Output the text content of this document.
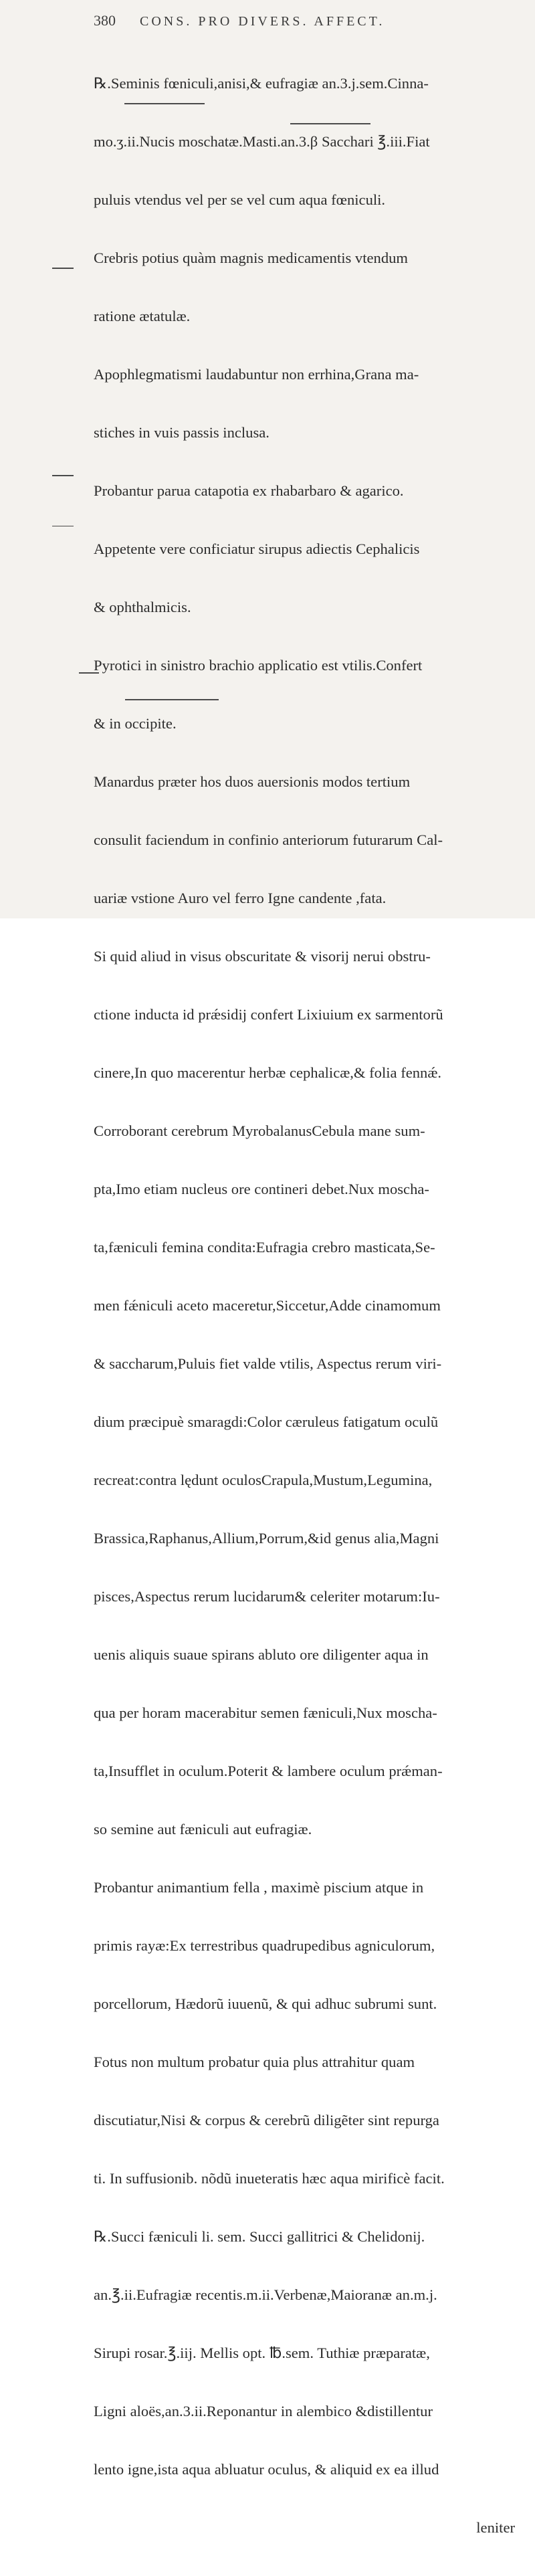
380 CONS. PRO DIVERS. AFFECT.

℞.Seminis fœniculi,anisi,& eufragiæ an.3.j.sem.Cinna-

mo.ʒ.ii.Nucis moschatæ.Masti.an.3.β Sacchari ℥.iii.Fiat

puluis vtendus vel per se vel cum aqua fœniculi.

Crebris potius quàm magnis medicamentis vtendum

ratione ætatulæ.

Apophlegmatismi laudabuntur non errhina,Grana ma-

stiches in vuis passis inclusa.

Probantur parua catapotia ex rhabarbaro & agarico.

Appetente vere conficiatur sirupus adiectis Cephalicis

& ophthalmicis.

Pyrotici in sinistro brachio applicatio est vtilis.Confert

& in occipite.

Manardus præter hos duos auersionis modos tertium

consulit faciendum in confinio anteriorum futurarum Cal-

uariæ vstione Auro vel ferro Igne candente ,fata.

Si quid aliud in visus obscuritate & visorij nerui obstru-

ctione inducta id prǽsidij confert Lixiuium ex sarmentorũ

cinere,In quo macerentur herbæ cephalicæ,& folia fennǽ.

Corroborant cerebrum MyrobalanusCebula mane sum-

pta,Imo etiam nucleus ore contineri debet.Nux moscha-

ta,fæniculi femina condita:Eufragia crebro masticata,Se-

men fǽniculi aceto maceretur,Siccetur,Adde cinamomum

& saccharum,Puluis fiet valde vtilis, Aspectus rerum viri-

dium præcipuè smaragdi:Color cæruleus fatigatum oculũ

recreat:contra lędunt oculosCrapula,Mustum,Legumina,

Brassica,Raphanus,Allium,Porrum,&id genus alia,Magni

pisces,Aspectus rerum lucidarum& celeriter motarum:Iu-

uenis aliquis suaue spirans abluto ore diligenter aqua in

qua per horam macerabitur semen fæniculi,Nux moscha-

ta,Insufflet in oculum.Poterit & lambere oculum prǽman-

so semine aut fæniculi aut eufragiæ.

Probantur animantium fella , maximè piscium atque in

primis rayæ:Ex terrestribus quadrupedibus agniculorum,

porcellorum, Hædorũ iuuenũ, & qui adhuc subrumi sunt.

Fotus non multum probatur quia plus attrahitur quam

discutiatur,Nisi & corpus & cerebrũ diligẽter sint repurga

ti. In suffusionib. nõdũ inueteratis hæc aqua mirificè facit.

℞.Succi fæniculi li. sem. Succi gallitrici & Chelidonij.

an.℥.ii.Eufragiæ recentis.m.ii.Verbenæ,Maioranæ an.m.j.

Sirupi rosar.℥.iij. Mellis opt. ℔.sem. Tuthiæ præparatæ,

Ligni aloës,an.3.ii.Reponantur in alembico &distillentur

lento igne,ista aqua abluatur oculus, & aliquid ex ea illud

leniter
